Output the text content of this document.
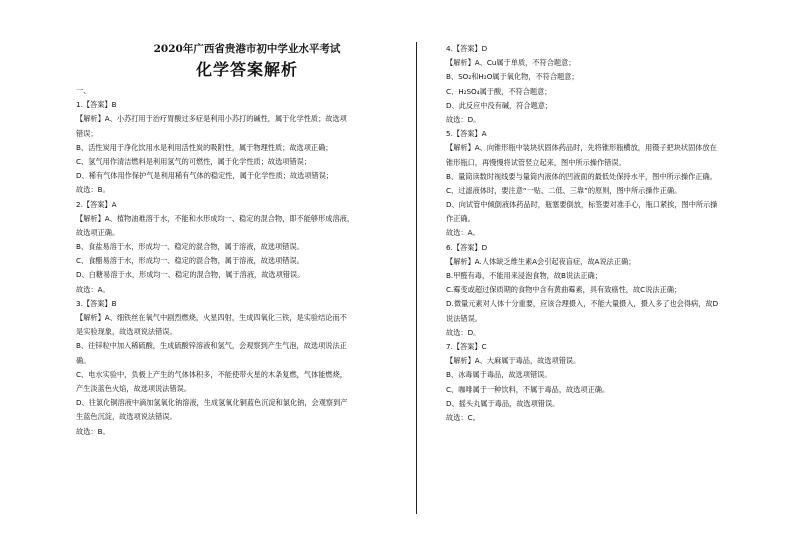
2020年广西省贵港市初中学业水平考试
化学答案解析
一、
1.【答案】B
【解析】A、小苏打用于治疗胃酸过多症是利用小苏打的碱性，属于化学性质；故选项
错误；
B、活性炭用于净化饮用水是利用活性炭的吸附性，属于物理性质；故选项正确；
C、氢气用作清洁燃料是利用氢气的可燃性，属于化学性质；故选项错误；
D、稀有气体用作保护气是利用稀有气体的稳定性，属于化学性质；故选项错误；
故选：B。
2.【答案】A
【解析】A、植物油难溶于水，不能和水形成均一、稳定的混合物，即不能够形成溶液，
故选项正确。
B、食盐易溶于水，形成均一、稳定的混合物，属于溶液，故选项错误。
C、食醋易溶于水，形成均一、稳定的混合物，属于溶液，故选项错误。
D、白糖易溶于水，形成均一、稳定的混合物，属于溶液，故选项错误。
故选：A。
3.【答案】B
【解析】A、细铁丝在氧气中剧烈燃烧，火星四射，生成四氧化三铁，是实验结论而不
是实验现象，故选项说法错误。
B、往锌粒中加入稀硫酸，生成硫酸锌溶液和氢气，会观察到产生气泡，故选项说法正
确。
C、电水实验中，负极上产生的气体体积多，不能使带火星的木条复燃，气体能燃烧，
产生淡蓝色火焰，故选项说法错误。
D、往氯化铜溶液中滴加氢氧化钠溶液，生成氢氧化铜蓝色沉淀和氯化钠，会观察到产
生蓝色沉淀，故选项说法错误。
故选：B。
4.【答案】D
【解析】A、Cu属于单质，不符合题意；
B、SO₂和H₂O属于氧化物，不符合题意；
C、H₂SO₄属于酸，不符合题意；
D、此反应中没有碱，符合题意；
故选：D。
5.【答案】A
【解析】A、向锥形瓶中装块状固体药品时，先将锥形瓶横放，用镊子把块状固体放在
锥形瓶口，再慢慢将试管竖立起来，图中所示操作错误。
B、量筒读数时视线要与量筒内液体的凹液面的最低处保持水平，图中所示操作正确。
C、过滤液体时，要注意“一贴、二低、三靠”的原则，图中所示操作正确。
D、向试管中倾倒液体药品时，瓶塞要倒放，标签要对准手心，瓶口紧挨，图中所示操
作正确。
故选：A。
6.【答案】D
【解析】A.人体缺乏维生素A会引起夜盲症，故A说法正确；
B.甲醛有毒，不能用来浸泡食物，故B说法正确；
C.霉变或超过保质期的食物中含有黄曲霉素，具有致癌性，故C说法正确；
D.微量元素对人体十分重要，应该合理摄入，不能大量摄入，摄入多了也会得病，故D
说法错误。
故选：D。
7.【答案】C
【解析】A、大麻属于毒品，故选项错误。
B、冰毒属于毒品，故选项错误。
C、咖啡属于一种饮料，不属于毒品，故选项正确。
D、摇头丸属于毒品，故选项错误。
故选：C。
